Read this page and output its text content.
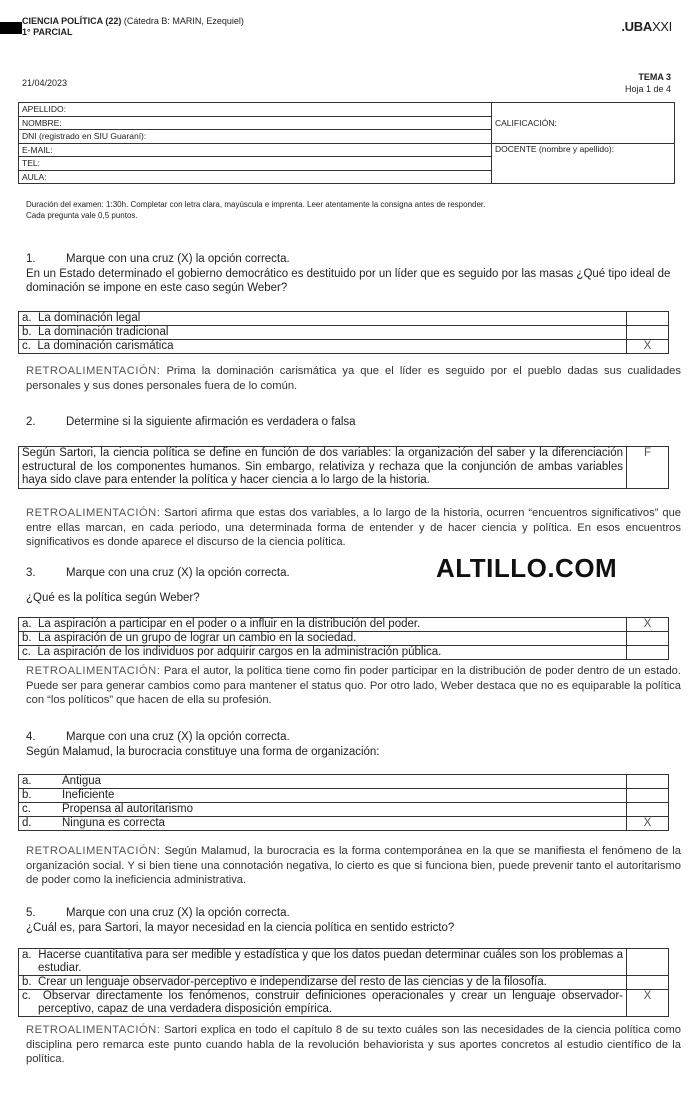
CIENCIA POLÍTICA (22) (Cátedra B: MARIN, Ezequiel)
1° PARCIAL	.UBAXXI
21/04/2023
TEMA 3
Hoja 1 de 4
APELLIDO:	CALIFICACIÓN:
NOMBRE:	
DNI (registrado en SIU Guaraní):	
E-MAIL:	DOCENTE (nombre y apellido):
TEL:	
AULA:	
Duración del examen: 1:30h. Completar con letra clara, mayúscula e imprenta. Leer atentamente la consigna antes de responder.
Cada pregunta vale 0,5 puntos.
1.	Marque con una cruz (X) la opción correcta.
En un Estado determinado el gobierno democrático es destituido por un líder que es seguido por las masas ¿Qué tipo ideal de dominación se impone en este caso según Weber?
a. La dominación legal	
b. La dominación tradicional	
c. La dominación carismática	X
RETROALIMENTACIÓN: Prima la dominación carismática ya que el líder es seguido por el pueblo dadas sus cualidades personales y sus dones personales fuera de lo común.
2.	Determine si la siguiente afirmación es verdadera o falsa
Según Sartori, la ciencia política se define en función de dos variables: la organización del saber y la diferenciación estructural de los componentes humanos. Sin embargo, relativiza y rechaza que la conjunción de ambas variables haya sido clave para entender la política y hacer ciencia a lo largo de la historia.	F
RETROALIMENTACIÓN: Sartori afirma que estas dos variables, a lo largo de la historia, ocurren “encuentros significativos” que entre ellas marcan, en cada periodo, una determinada forma de entender y de hacer ciencia y política. En esos encuentros significativos es donde aparece el discurso de la ciencia política.
ALTILLO.COM
3.	Marque con una cruz (X) la opción correcta.
¿Qué es la política según Weber?
a. La aspiración a participar en el poder o a influir en la distribución del poder.	X
b. La aspiración de un grupo de lograr un cambio en la sociedad.	
c. La aspiración de los individuos por adquirir cargos en la administración pública.	
RETROALIMENTACIÓN: Para el autor, la política tiene como fin poder participar en la distribución de poder dentro de un estado. Puede ser para generar cambios como para mantener el status quo. Por otro lado, Weber destaca que no es equiparable la política con “los políticos” que hacen de ella su profesión.
4.	Marque con una cruz (X) la opción correcta.
Según Malamud, la burocracia constituye una forma de organización:
a. Antigua	
b. Ineficiente	
c. Propensa al autoritarismo	
d. Ninguna es correcta	X
RETROALIMENTACIÓN: Según Malamud, la burocracia es la forma contemporánea en la que se manifiesta el fenómeno de la organización social. Y si bien tiene una connotación negativa, lo cierto es que si funciona bien, puede prevenir tanto el autoritarismo de poder como la ineficiencia administrativa.
5.	Marque con una cruz (X) la opción correcta.
¿Cuál es, para Sartori, la mayor necesidad en la ciencia política en sentido estricto?
a. Hacerse cuantitativa para ser medible y estadística y que los datos puedan determinar cuáles son los problemas a estudiar.	
b. Crear un lenguaje observador-perceptivo e independizarse del resto de las ciencias y de la filosofía.	
c. Observar directamente los fenómenos, construir definiciones operacionales y crear un lenguaje observador-perceptivo, capaz de una verdadera disposición empírica.	X
RETROALIMENTACIÓN: Sartori explica en todo el capítulo 8 de su texto cuáles son las necesidades de la ciencia política como disciplina pero remarca este punto cuando habla de la revolución behaviorista y sus aportes concretos al estudio científico de la política.
